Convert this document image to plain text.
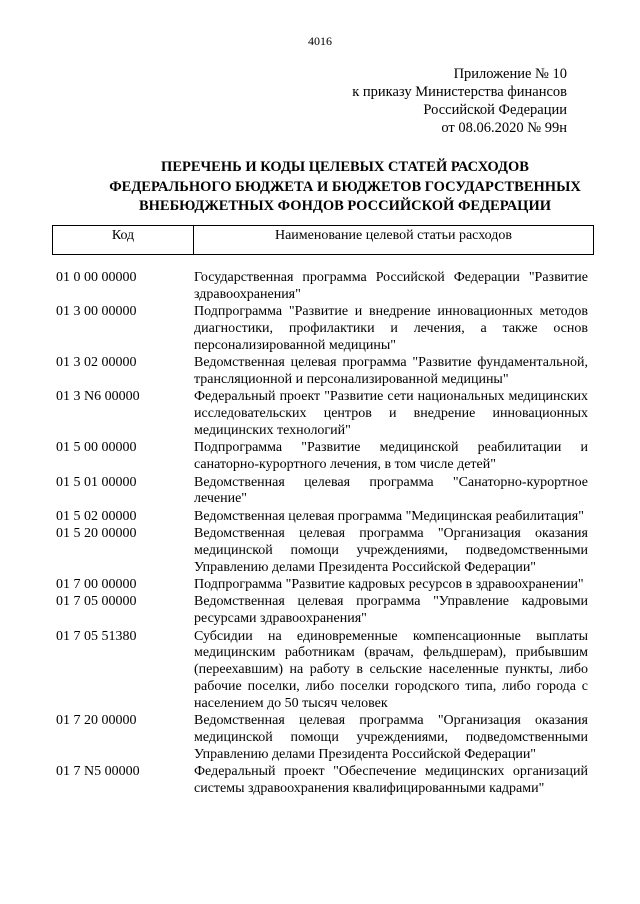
4016
Приложение № 10
к приказу Министерства финансов
Российской Федерации
от 08.06.2020 № 99н
ПЕРЕЧЕНЬ И КОДЫ ЦЕЛЕВЫХ СТАТЕЙ РАСХОДОВ
ФЕДЕРАЛЬНОГО БЮДЖЕТА И БЮДЖЕТОВ ГОСУДАРСТВЕННЫХ
ВНЕБЮДЖЕТНЫХ ФОНДОВ РОССИЙСКОЙ ФЕДЕРАЦИИ
Код	Наименование целевой статьи расходов
01 0 00 00000	Государственная программа Российской Федерации "Развитие здравоохранения"
01 3 00 00000	Подпрограмма "Развитие и внедрение инновационных методов диагностики, профилактики и лечения, а также основ персонализированной медицины"
01 3 02 00000	Ведомственная целевая программа "Развитие фундаментальной, трансляционной и персонализированной медицины"
01 3 N6 00000	Федеральный проект "Развитие сети национальных медицинских исследовательских центров и внедрение инновационных медицинских технологий"
01 5 00 00000	Подпрограмма "Развитие медицинской реабилитации и санаторно-курортного лечения, в том числе детей"
01 5 01 00000	Ведомственная целевая программа "Санаторно-курортное лечение"
01 5 02 00000	Ведомственная целевая программа "Медицинская реабилитация"
01 5 20 00000	Ведомственная целевая программа "Организация оказания медицинской помощи учреждениями, подведомственными Управлению делами Президента Российской Федерации"
01 7 00 00000	Подпрограмма "Развитие кадровых ресурсов в здравоохранении"
01 7 05 00000	Ведомственная целевая программа "Управление кадровыми ресурсами здравоохранения"
01 7 05 51380	Субсидии на единовременные компенсационные выплаты медицинским работникам (врачам, фельдшерам), прибывшим (переехавшим) на работу в сельские населенные пункты, либо рабочие поселки, либо поселки городского типа, либо города с населением до 50 тысяч человек
01 7 20 00000	Ведомственная целевая программа "Организация оказания медицинской помощи учреждениями, подведомственными Управлению делами Президента Российской Федерации"
01 7 N5 00000	Федеральный проект "Обеспечение медицинских организаций системы здравоохранения квалифицированными кадрами"
